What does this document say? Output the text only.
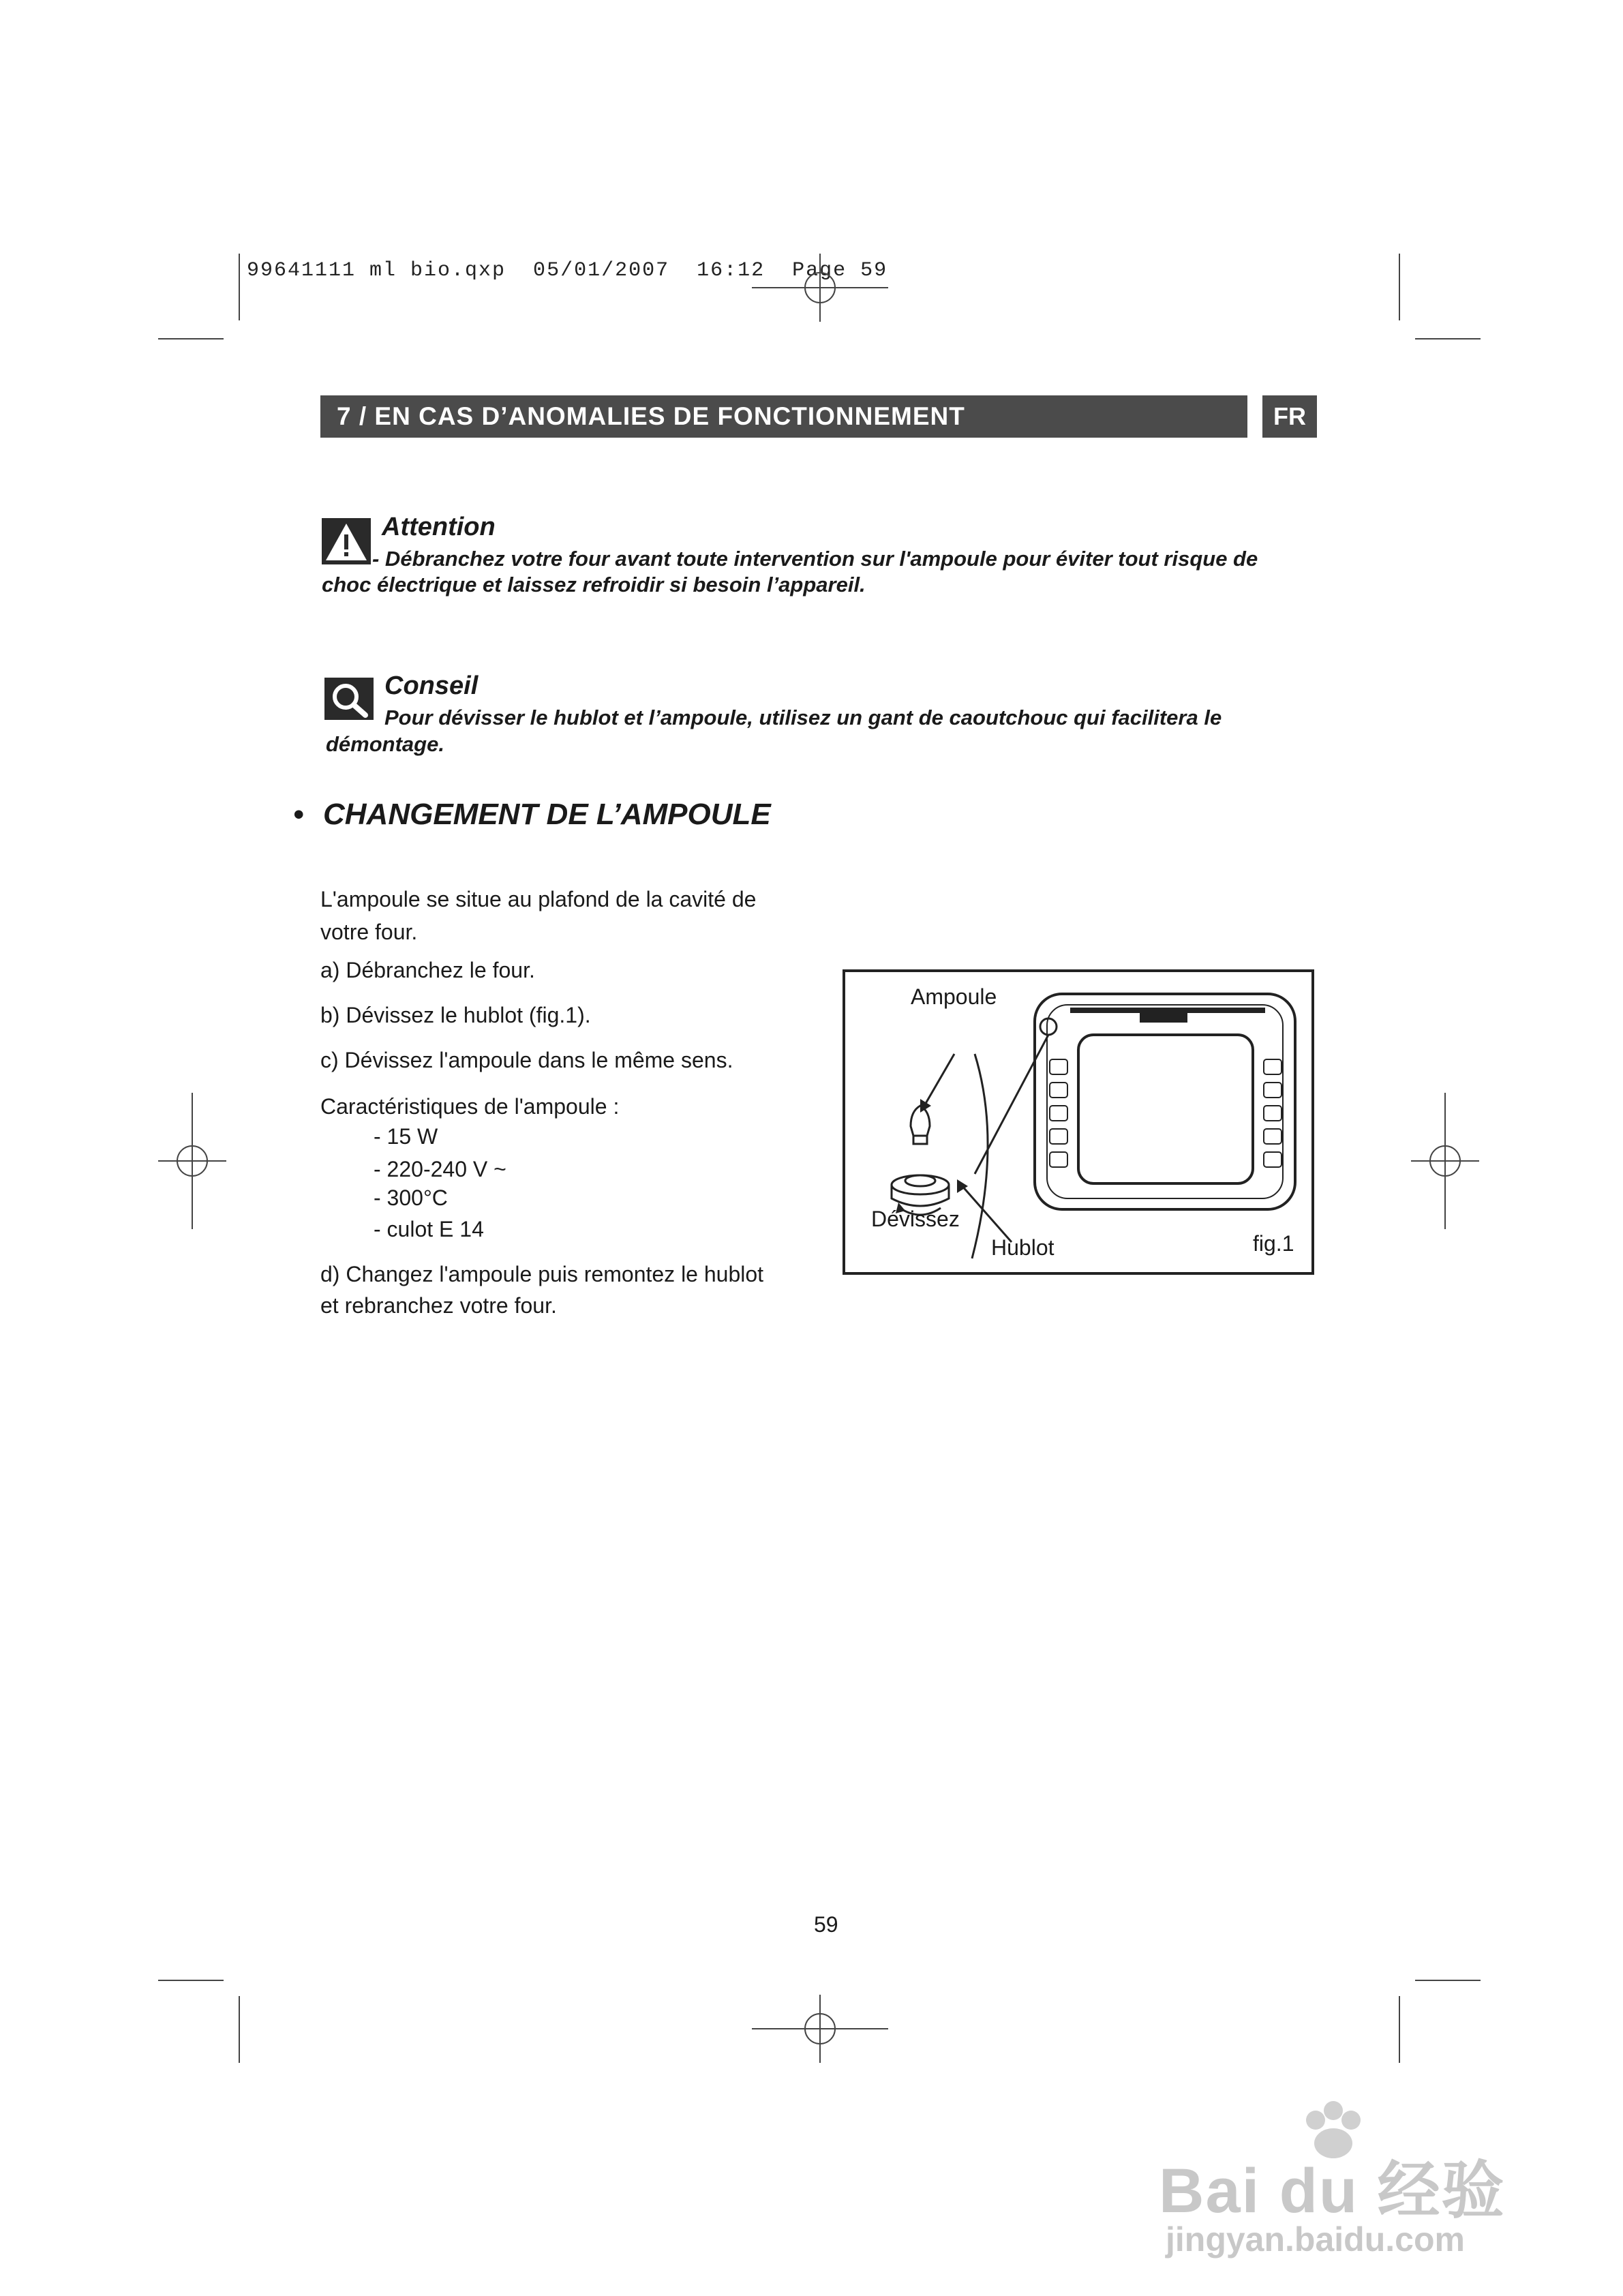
99641111 ml bio.qxp  05/01/2007  16:12  Page 59
7 / EN CAS D’ANOMALIES DE FONCTIONNEMENT	FR
Attention
- Débranchez votre four avant toute intervention sur l'ampoule pour éviter tout risque de
choc électrique et laissez refroidir si besoin l’appareil.
Conseil
Pour dévisser le hublot et l’ampoule, utilisez un gant de caoutchouc qui facilitera le
démontage.
• CHANGEMENT DE L’AMPOULE
L'ampoule se situe au plafond de la cavité de
votre four.
a) Débranchez le four.
b) Dévissez le hublot (fig.1).
c) Dévissez l'ampoule dans le même sens.
Caractéristiques de l'ampoule :
- 15 W
- 220-240 V ~
- 300°C
- culot E 14
d) Changez l'ampoule puis remontez le hublot
et rebranchez votre four.
Ampoule
Dévissez
Hublot	fig.1
59
Bai du 经验
jingyan.baidu.com
